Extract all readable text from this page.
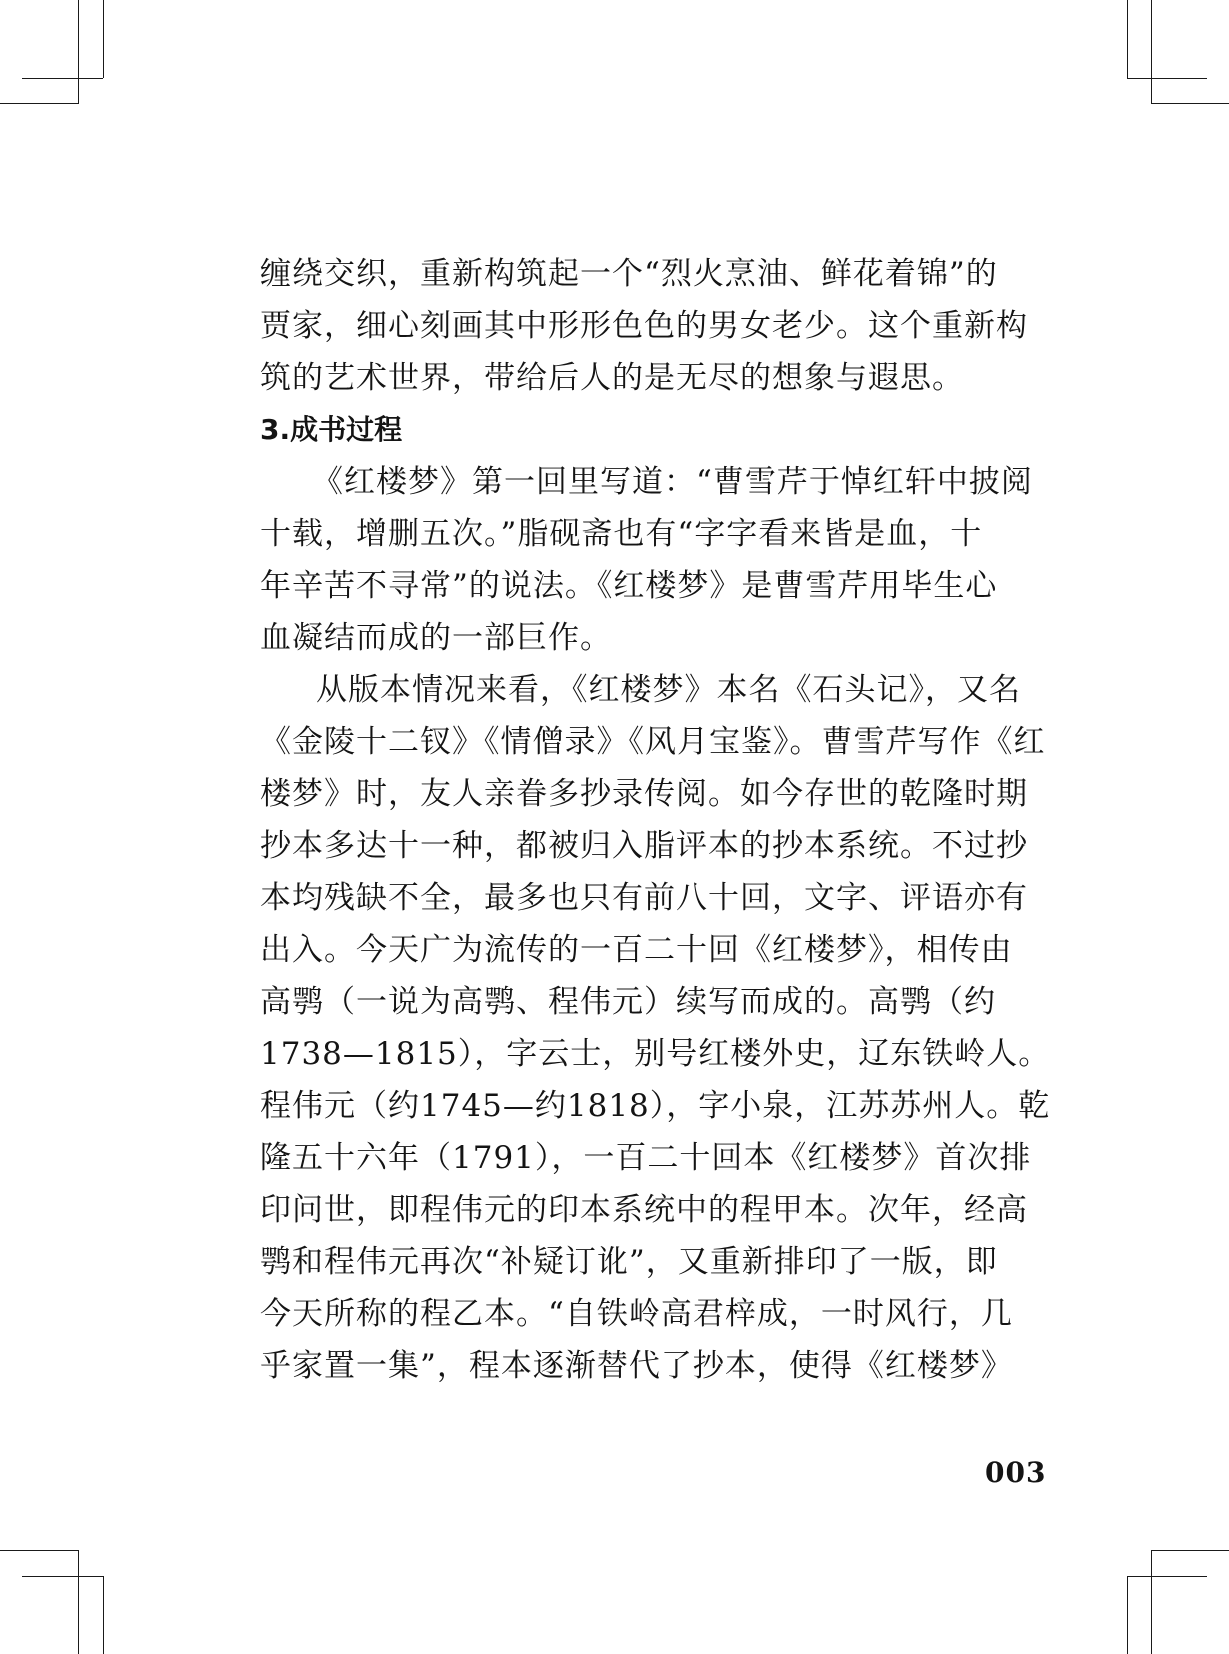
缠绕交织，重新构筑起一个“烈火烹油、鲜花着锦”的
贾家，细心刻画其中形形色色的男女老少。这个重新构
筑的艺术世界，带给后人的是无尽的想象与遐思。
3.成书过程
《红楼梦》第一回里写道：“曹雪芹于悼红轩中披阅
十载，增删五次。”脂砚斋也有“字字看来皆是血，十
年辛苦不寻常”的说法。《红楼梦》是曹雪芹用毕生心
血凝结而成的一部巨作。
从版本情况来看，《红楼梦》本名《石头记》，又名
《金陵十二钗》《情僧录》《风月宝鉴》。曹雪芹写作《红
楼梦》时，友人亲眷多抄录传阅。如今存世的乾隆时期
抄本多达十一种，都被归入脂评本的抄本系统。不过抄
本均残缺不全，最多也只有前八十回，文字、评语亦有
出入。今天广为流传的一百二十回《红楼梦》，相传由
高鹗（一说为高鹗、程伟元）续写而成的。高鹗（约
1738—1815），字云士，别号红楼外史，辽东铁岭人。
程伟元（约1745—约1818），字小泉，江苏苏州人。乾
隆五十六年（1791），一百二十回本《红楼梦》首次排
印问世，即程伟元的印本系统中的程甲本。次年，经高
鹗和程伟元再次“补疑订讹”，又重新排印了一版，即
今天所称的程乙本。“自铁岭高君梓成，一时风行，几
乎家置一集”，程本逐渐替代了抄本，使得《红楼梦》
003
